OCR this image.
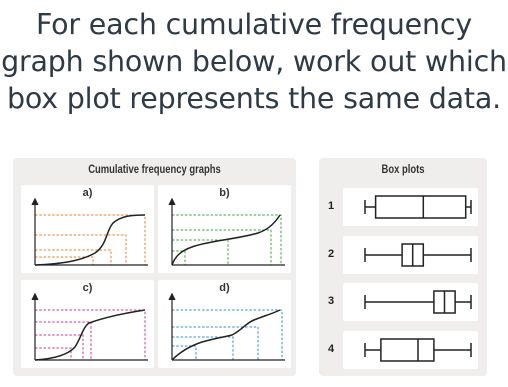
For each cumulative frequency
graph shown below, work out which
box plot represents the same data.
Cumulative frequency graphs
a)	b)
c)	d)
Box plots
1
2
3
4
